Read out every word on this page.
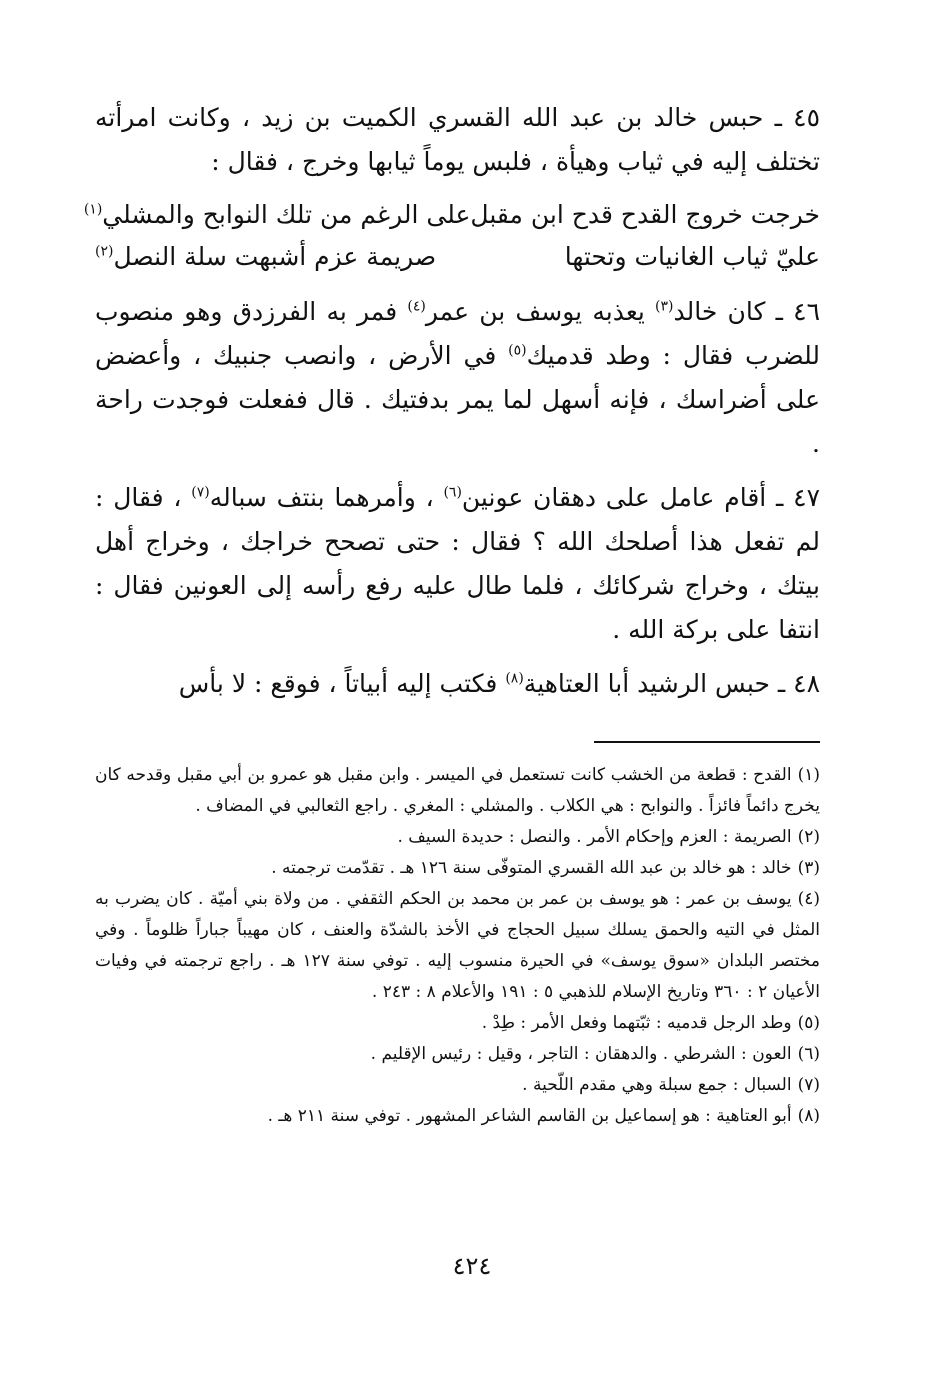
٤٥ ـ حبس خالد بن عبد الله القسري الكميت بن زيد ، وكانت امرأته تختلف إليه في ثياب وهيأة ، فلبس يوماً ثيابها وخرج ، فقال :

خرجت خروج القدح قدح ابن مقبل
على الرغم من تلك النوابح والمشلي$^{(١)}$
عليّ ثياب الغانيات وتحتها
صريمة عزم أشبهت سلة النصل$^{(٢)}$

٤٦ ـ كان خالد$^{(٣)}$ يعذبه يوسف بن عمر$^{(٤)}$ فمر به الفرزدق وهو منصوب للضرب فقال : وطد قدميك$^{(٥)}$ في الأرض ، وانصب جنبيك ، وأعضض على أضراسك ، فإنه أسهل لما يمر بدفتيك . قال ففعلت فوجدت راحة .

٤٧ ـ أقام عامل على دهقان عونين$^{(٦)}$ ، وأمرهما بنتف سباله$^{(٧)}$ ، فقال : لم تفعل هذا أصلحك الله ؟ فقال : حتى تصحح خراجك ، وخراج أهل بيتك ، وخراج شركائك ، فلما طال عليه رفع رأسه إلى العونين فقال : انتفا على بركة الله .

٤٨ ـ حبس الرشيد أبا العتاهية$^{(٨)}$ فكتب إليه أبياتاً ، فوقع : لا بأس

(١)القدح : قطعة من الخشب كانت تستعمل في الميسر . وابن مقبل هو عمرو بن أبي مقبل وقدحه كان يخرج دائماً فائزاً . والنوابح : هي الكلاب . والمشلي : المغري . راجع الثعالبي في المضاف .

(٢)الصريمة : العزم وإحكام الأمر . والنصل : حديدة السيف .

(٣)خالد : هو خالد بن عبد الله القسري المتوفّى سنة ١٢٦ هـ . تقدّمت ترجمته .

(٤)يوسف بن عمر : هو يوسف بن عمر بن محمد بن الحكم الثقفي . من ولاة بني أميّة . كان يضرب به المثل في التيه والحمق يسلك سبيل الحجاج في الأخذ بالشدّة والعنف ، كان مهيباً جباراً ظلوماً . وفي مختصر البلدان «سوق يوسف» في الحيرة منسوب إليه . توفي سنة ١٢٧ هـ . راجع ترجمته في وفيات الأعيان ٢ : ٣٦٠ وتاريخ الإسلام للذهبي ٥ : ١٩١ والأعلام ٨ : ٢٤٣ .

(٥)وطد الرجل قدميه : ثبّتهما وفعل الأمر : طِدْ .

(٦)العون : الشرطي . والدهقان : التاجر ، وقيل : رئيس الإقليم .

(٧)السبال : جمع سبلة وهي مقدم اللّحية .

(٨)أبو العتاهية : هو إسماعيل بن القاسم الشاعر المشهور . توفي سنة ٢١١ هـ .

٤٢٤
